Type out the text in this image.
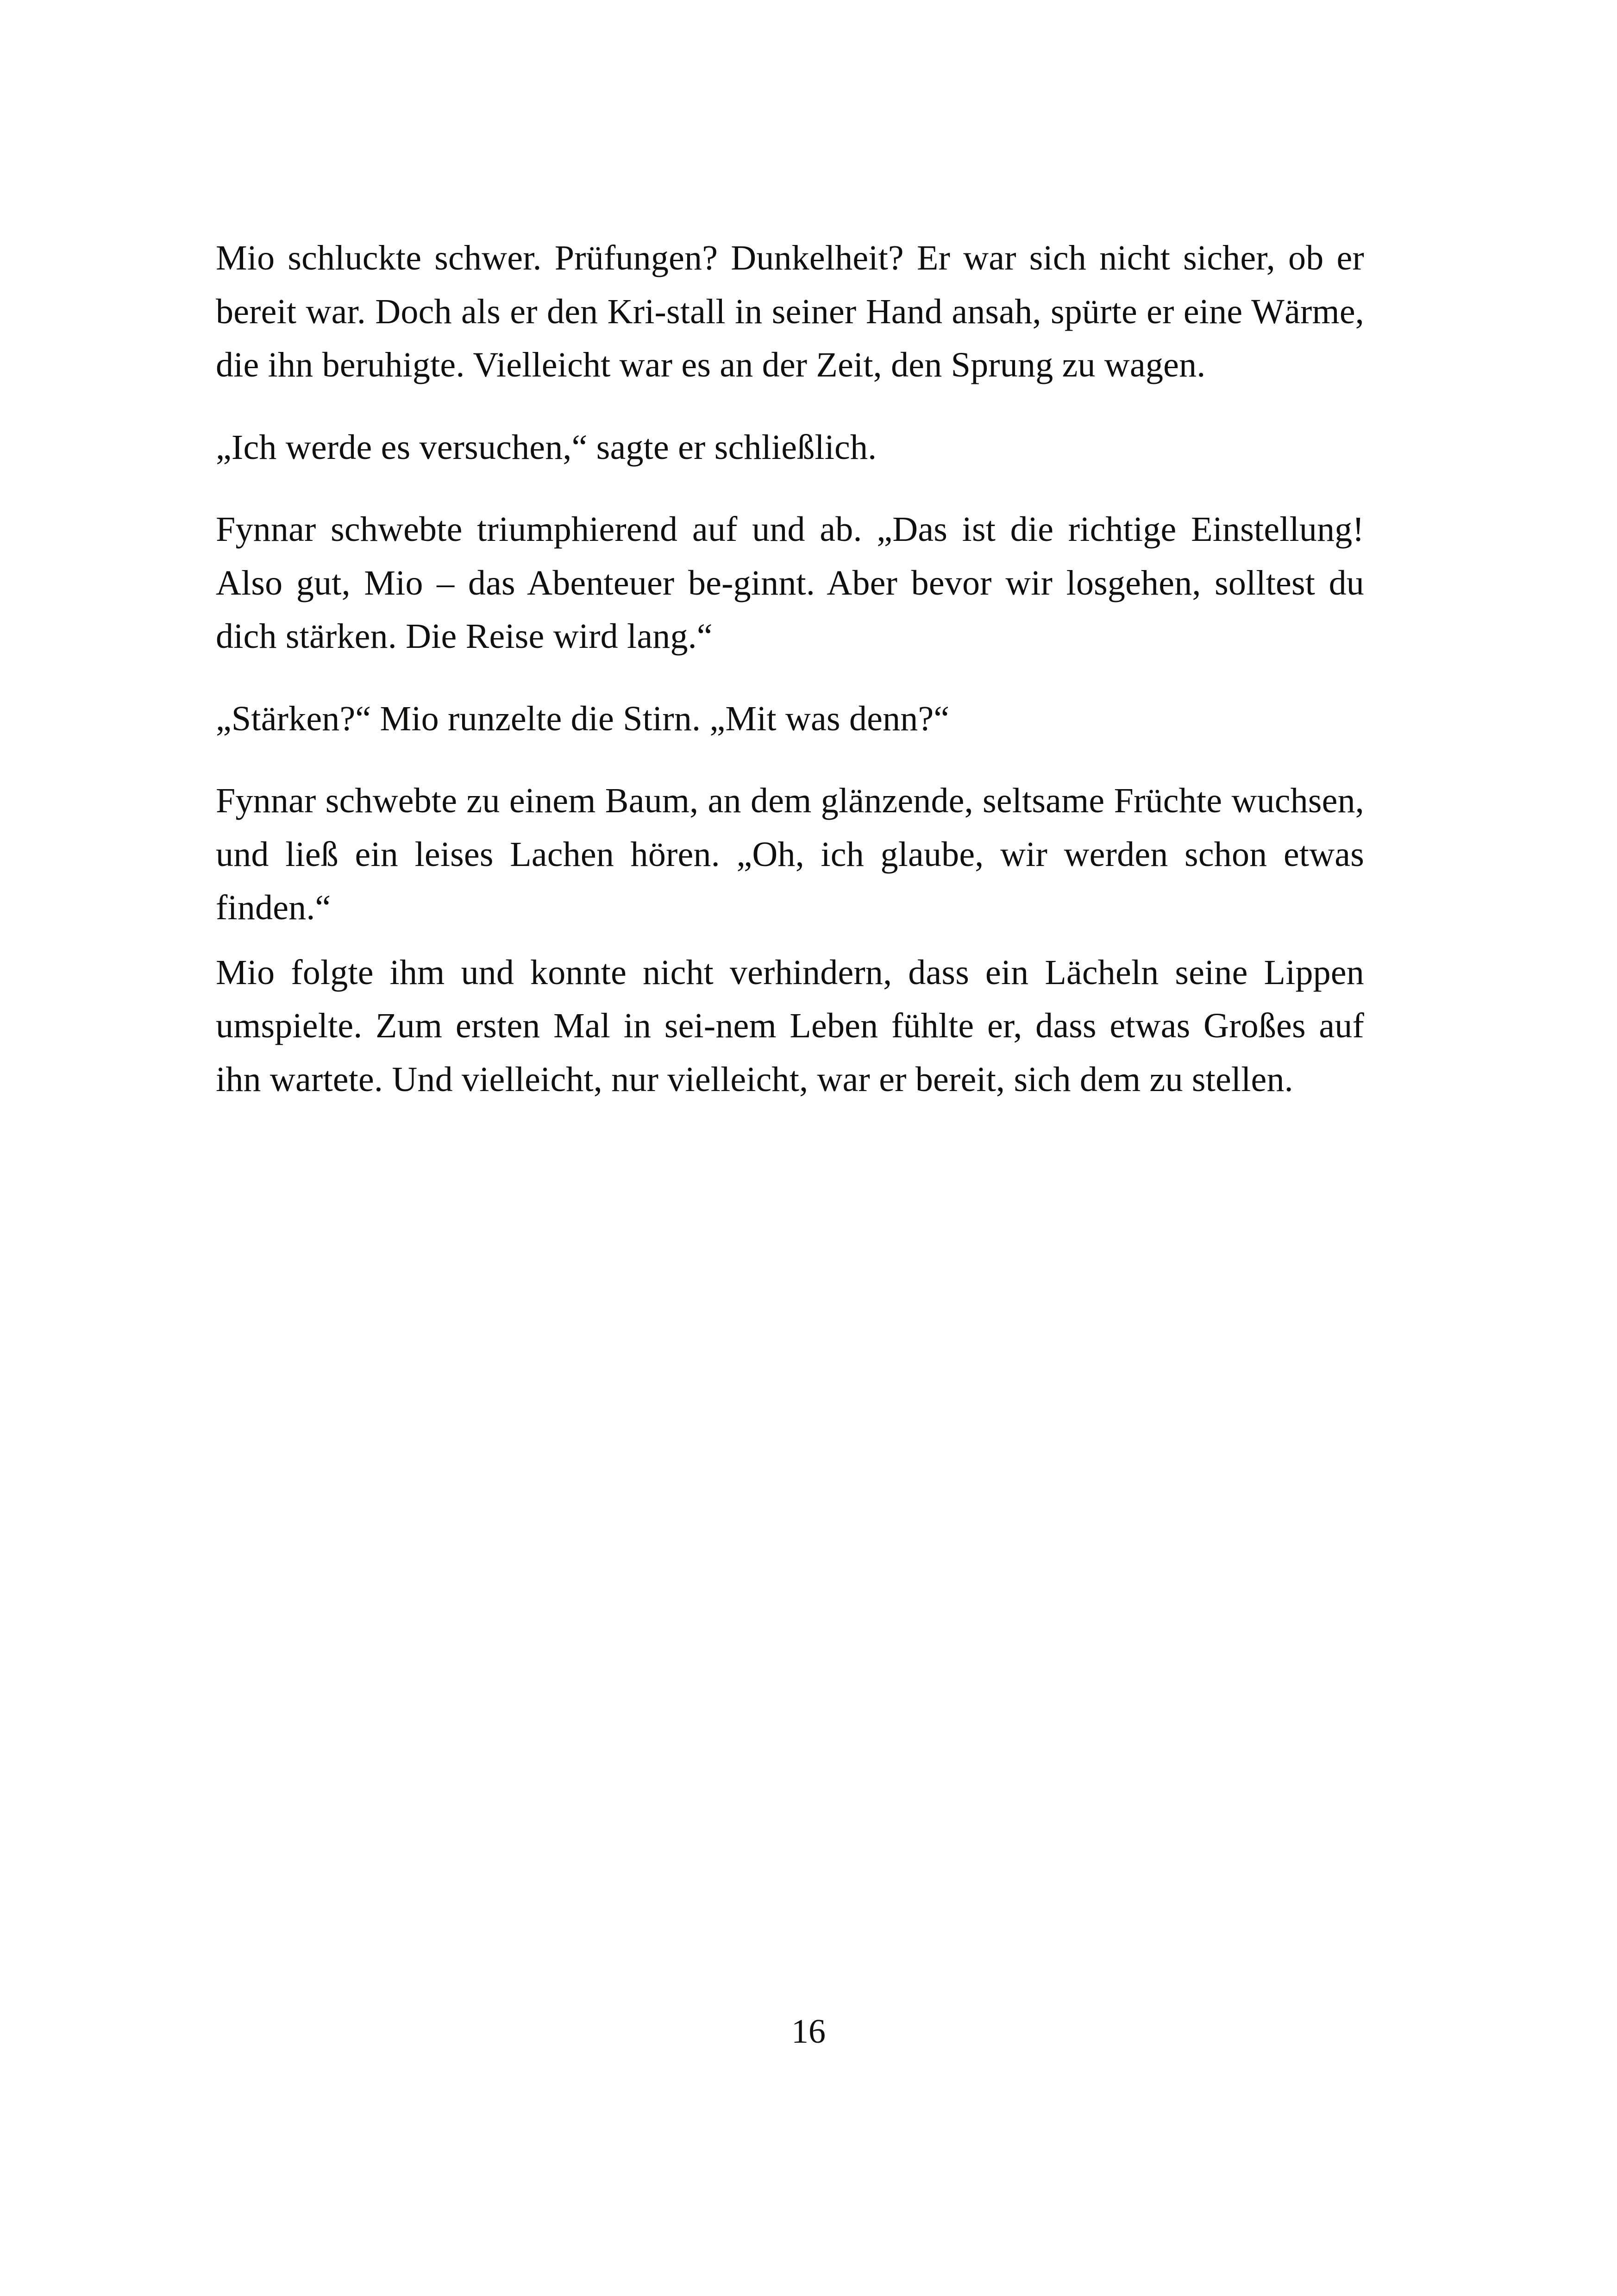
Mio schluckte schwer. Prüfungen? Dunkelheit? Er war sich nicht sicher, ob er bereit war. Doch als er den Kri-stall in seiner Hand ansah, spürte er eine Wärme, die ihn beruhigte. Vielleicht war es an der Zeit, den Sprung zu wagen.

„Ich werde es versuchen,“ sagte er schließlich.

Fynnar schwebte triumphierend auf und ab. „Das ist die richtige Einstellung! Also gut, Mio – das Abenteuer be-ginnt. Aber bevor wir losgehen, solltest du dich stärken. Die Reise wird lang.“

„Stärken?“ Mio runzelte die Stirn. „Mit was denn?“

Fynnar schwebte zu einem Baum, an dem glänzende, seltsame Früchte wuchsen, und ließ ein leises Lachen hören. „Oh, ich glaube, wir werden schon etwas finden.“

Mio folgte ihm und konnte nicht verhindern, dass ein Lächeln seine Lippen umspielte. Zum ersten Mal in sei-nem Leben fühlte er, dass etwas Großes auf ihn wartete. Und vielleicht, nur vielleicht, war er bereit, sich dem zu stellen.

16
